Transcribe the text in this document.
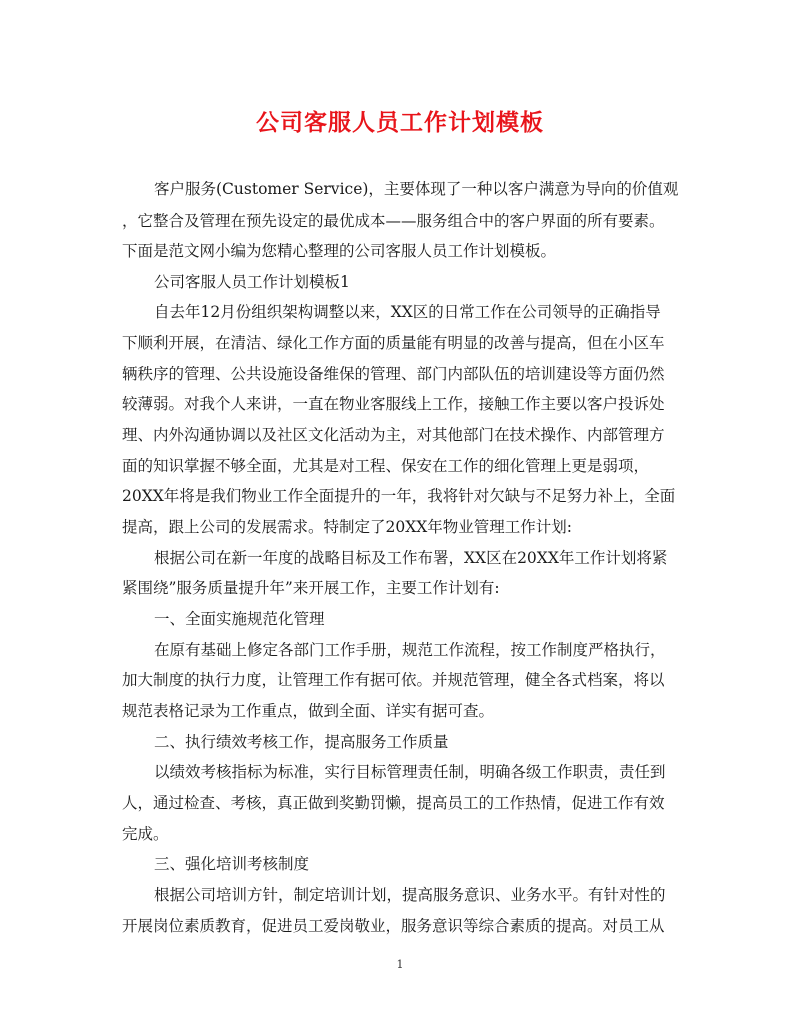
公司客服人员工作计划模板
客户服务(Customer Service)，主要体现了一种以客户满意为导向的价值观
，它整合及管理在预先设定的最优成本——服务组合中的客户界面的所有要素。
下面是范文网小编为您精心整理的公司客服人员工作计划模板。
公司客服人员工作计划模板1
自去年12月份组织架构调整以来，XX区的日常工作在公司领导的正确指导
下顺利开展，在清洁、绿化工作方面的质量能有明显的改善与提高，但在小区车
辆秩序的管理、公共设施设备维保的管理、部门内部队伍的培训建设等方面仍然
较薄弱。对我个人来讲，一直在物业客服线上工作，接触工作主要以客户投诉处
理、内外沟通协调以及社区文化活动为主，对其他部门在技术操作、内部管理方
面的知识掌握不够全面，尤其是对工程、保安在工作的细化管理上更是弱项，
20XX年将是我们物业工作全面提升的一年，我将针对欠缺与不足努力补上，全面
提高，跟上公司的发展需求。特制定了20XX年物业管理工作计划:
根据公司在新一年度的战略目标及工作布署，XX区在20XX年工作计划将紧
紧围绕”服务质量提升年”来开展工作，主要工作计划有:
一、全面实施规范化管理
在原有基础上修定各部门工作手册，规范工作流程，按工作制度严格执行，
加大制度的执行力度，让管理工作有据可依。并规范管理，健全各式档案，将以
规范表格记录为工作重点，做到全面、详实有据可查。
二、执行绩效考核工作，提高服务工作质量
以绩效考核指标为标准，实行目标管理责任制，明确各级工作职责，责任到
人，通过检查、考核，真正做到奖勤罚懒，提高员工的工作热情，促进工作有效
完成。
三、强化培训考核制度
根据公司培训方针，制定培训计划，提高服务意识、业务水平。有针对性的
开展岗位素质教育，促进员工爱岗敬业，服务意识等综合素质的提高。对员工从
1
